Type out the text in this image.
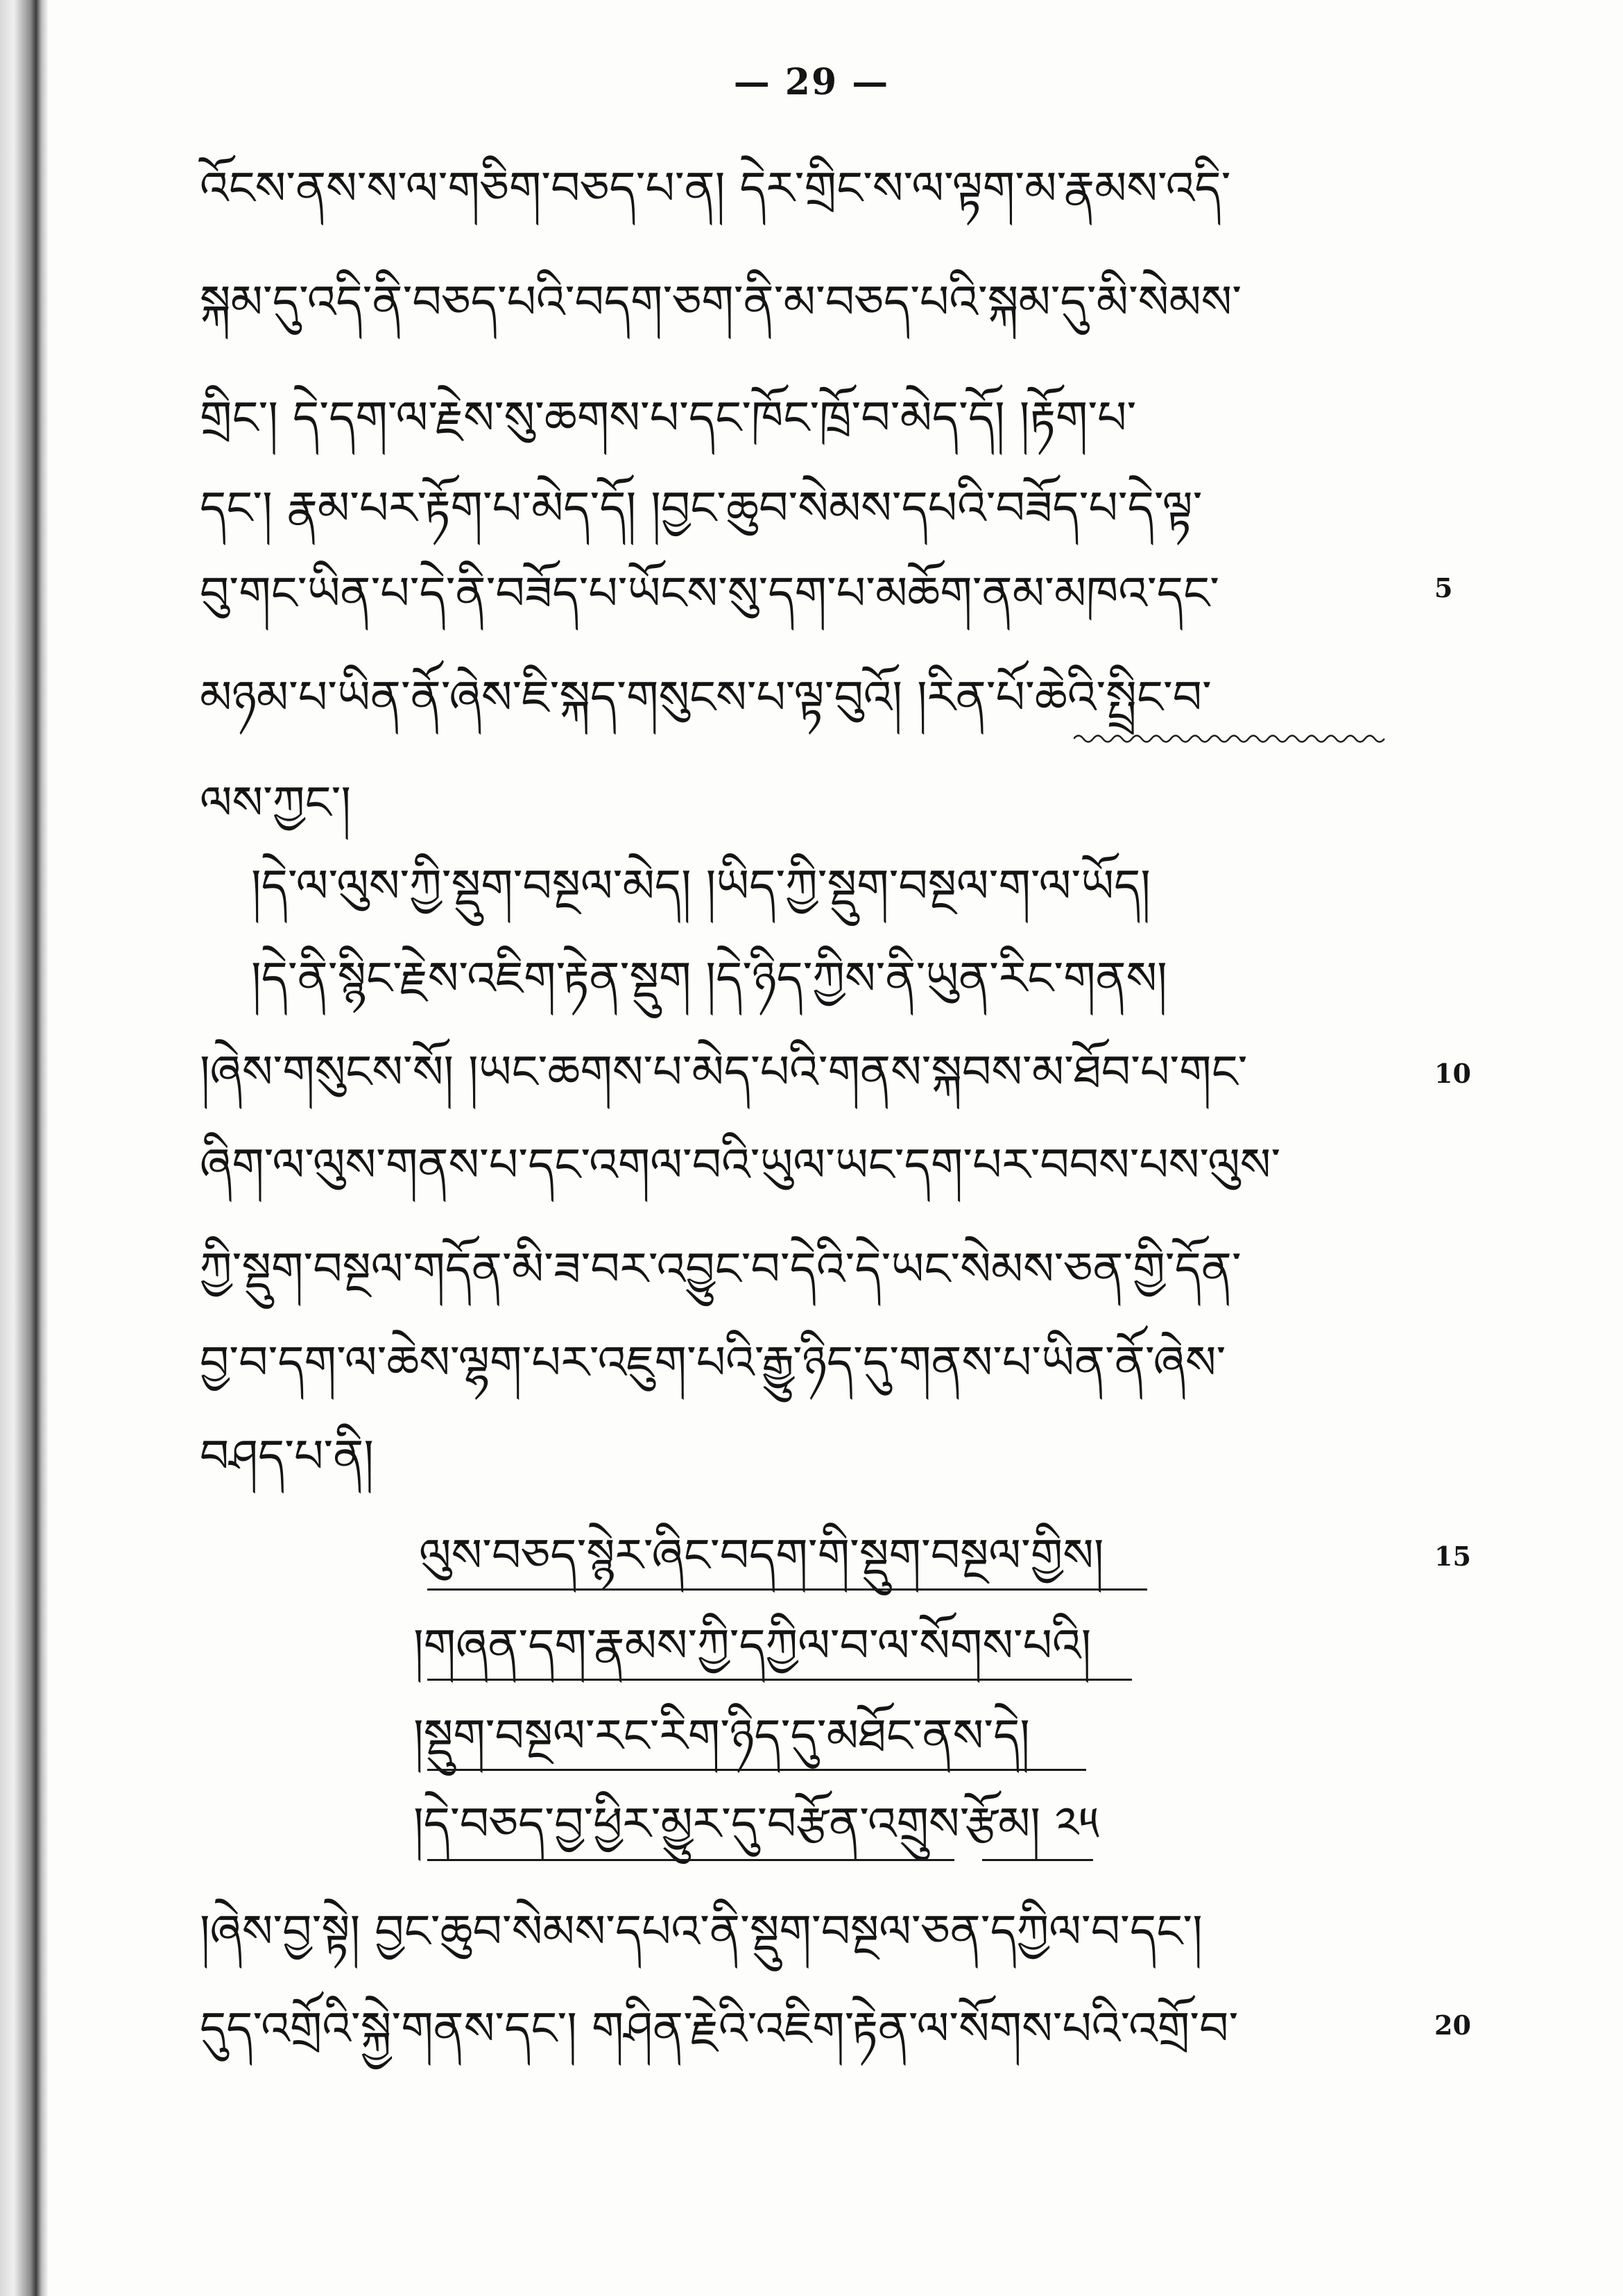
— 29 —
འོངས་ནས་ས་ལ་གཅིག་བཅད་པ་ན། དེར་གྲིང་ས་ལ་ལྟག་མ་རྣམས་འདི་
སྐམ་དུ་འདི་ནི་བཅད་པའི་བདག་ཅག་ནི་མ་བཅད་པའི་སྐམ་དུ་མི་སེམས་
གྲིང་། དེ་དག་ལ་རྗེས་སུ་ཆགས་པ་དང་ཁོང་ཁྲོ་བ་མེད་དོ། །རྟོག་པ་
དང་། རྣམ་པར་རྟོག་པ་མེད་དོ། །བྱང་ཆུབ་སེམས་དཔའི་བཟོད་པ་དེ་ལྟ་
བུ་གང་ཡིན་པ་དེ་ནི་བཟོད་པ་ཡོངས་སུ་དག་པ་མཆོག་ནམ་མཁའ་དང་
མཉམ་པ་ཡིན་ནོ་ཞེས་ཇི་སྐད་གསུངས་པ་ལྟ་བུའོ། །རིན་པོ་ཆེའི་སྤྲིང་བ་
ལས་ཀྱང་།
།དེ་ལ་ལུས་ཀྱི་སྡུག་བསྔལ་མེད། །ཡིད་ཀྱི་སྡུག་བསྔལ་ག་ལ་ཡོད།
།དེ་ནི་སྙིང་རྗེས་འཇིག་རྟེན་སྡུག །དེ་ཉིད་ཀྱིས་ནི་ཡུན་རིང་གནས།
།ཞེས་གསུངས་སོ། །ཡང་ཆགས་པ་མེད་པའི་གནས་སྐབས་མ་ཐོབ་པ་གང་
ཞིག་ལ་ལུས་གནས་པ་དང་འགལ་བའི་ཡུལ་ཡང་དག་པར་བབས་པས་ལུས་
ཀྱི་སྡུག་བསྔལ་གདོན་མི་ཟ་བར་འབྱུང་བ་དེའི་དེ་ཡང་སེམས་ཅན་གྱི་དོན་
བྱ་བ་དག་ལ་ཆེས་ལྷག་པར་འཇུག་པའི་རྒྱུ་ཉིད་དུ་གནས་པ་ཡིན་ནོ་ཞེས་
བཤད་པ་ནི།
ལུས་བཅད་སྙེར་ཞིང་བདག་གི་སྡུག་བསྔལ་གྱིས།
།གཞན་དག་རྣམས་ཀྱི་དཀྱིལ་བ་ལ་སོགས་པའི།
།སྡུག་བསྔལ་རང་རིག་ཉིད་དུ་མཐོང་ནས་དེ།
།དེ་བཅད་བྱ་ཕྱིར་མྱུར་དུ་བརྩོན་འགྲུས་རྩོམ། ༢༥
།ཞེས་བྱ་སྟེ། བྱང་ཆུབ་སེམས་དཔའ་ནི་སྡུག་བསྔལ་ཅན་དཀྱིལ་བ་དང་།
དུད་འགྲོའི་སྐྱེ་གནས་དང་། གཤིན་རྗེའི་འཇིག་རྟེན་ལ་སོགས་པའི་འགྲོ་བ་
5
10
15
20
